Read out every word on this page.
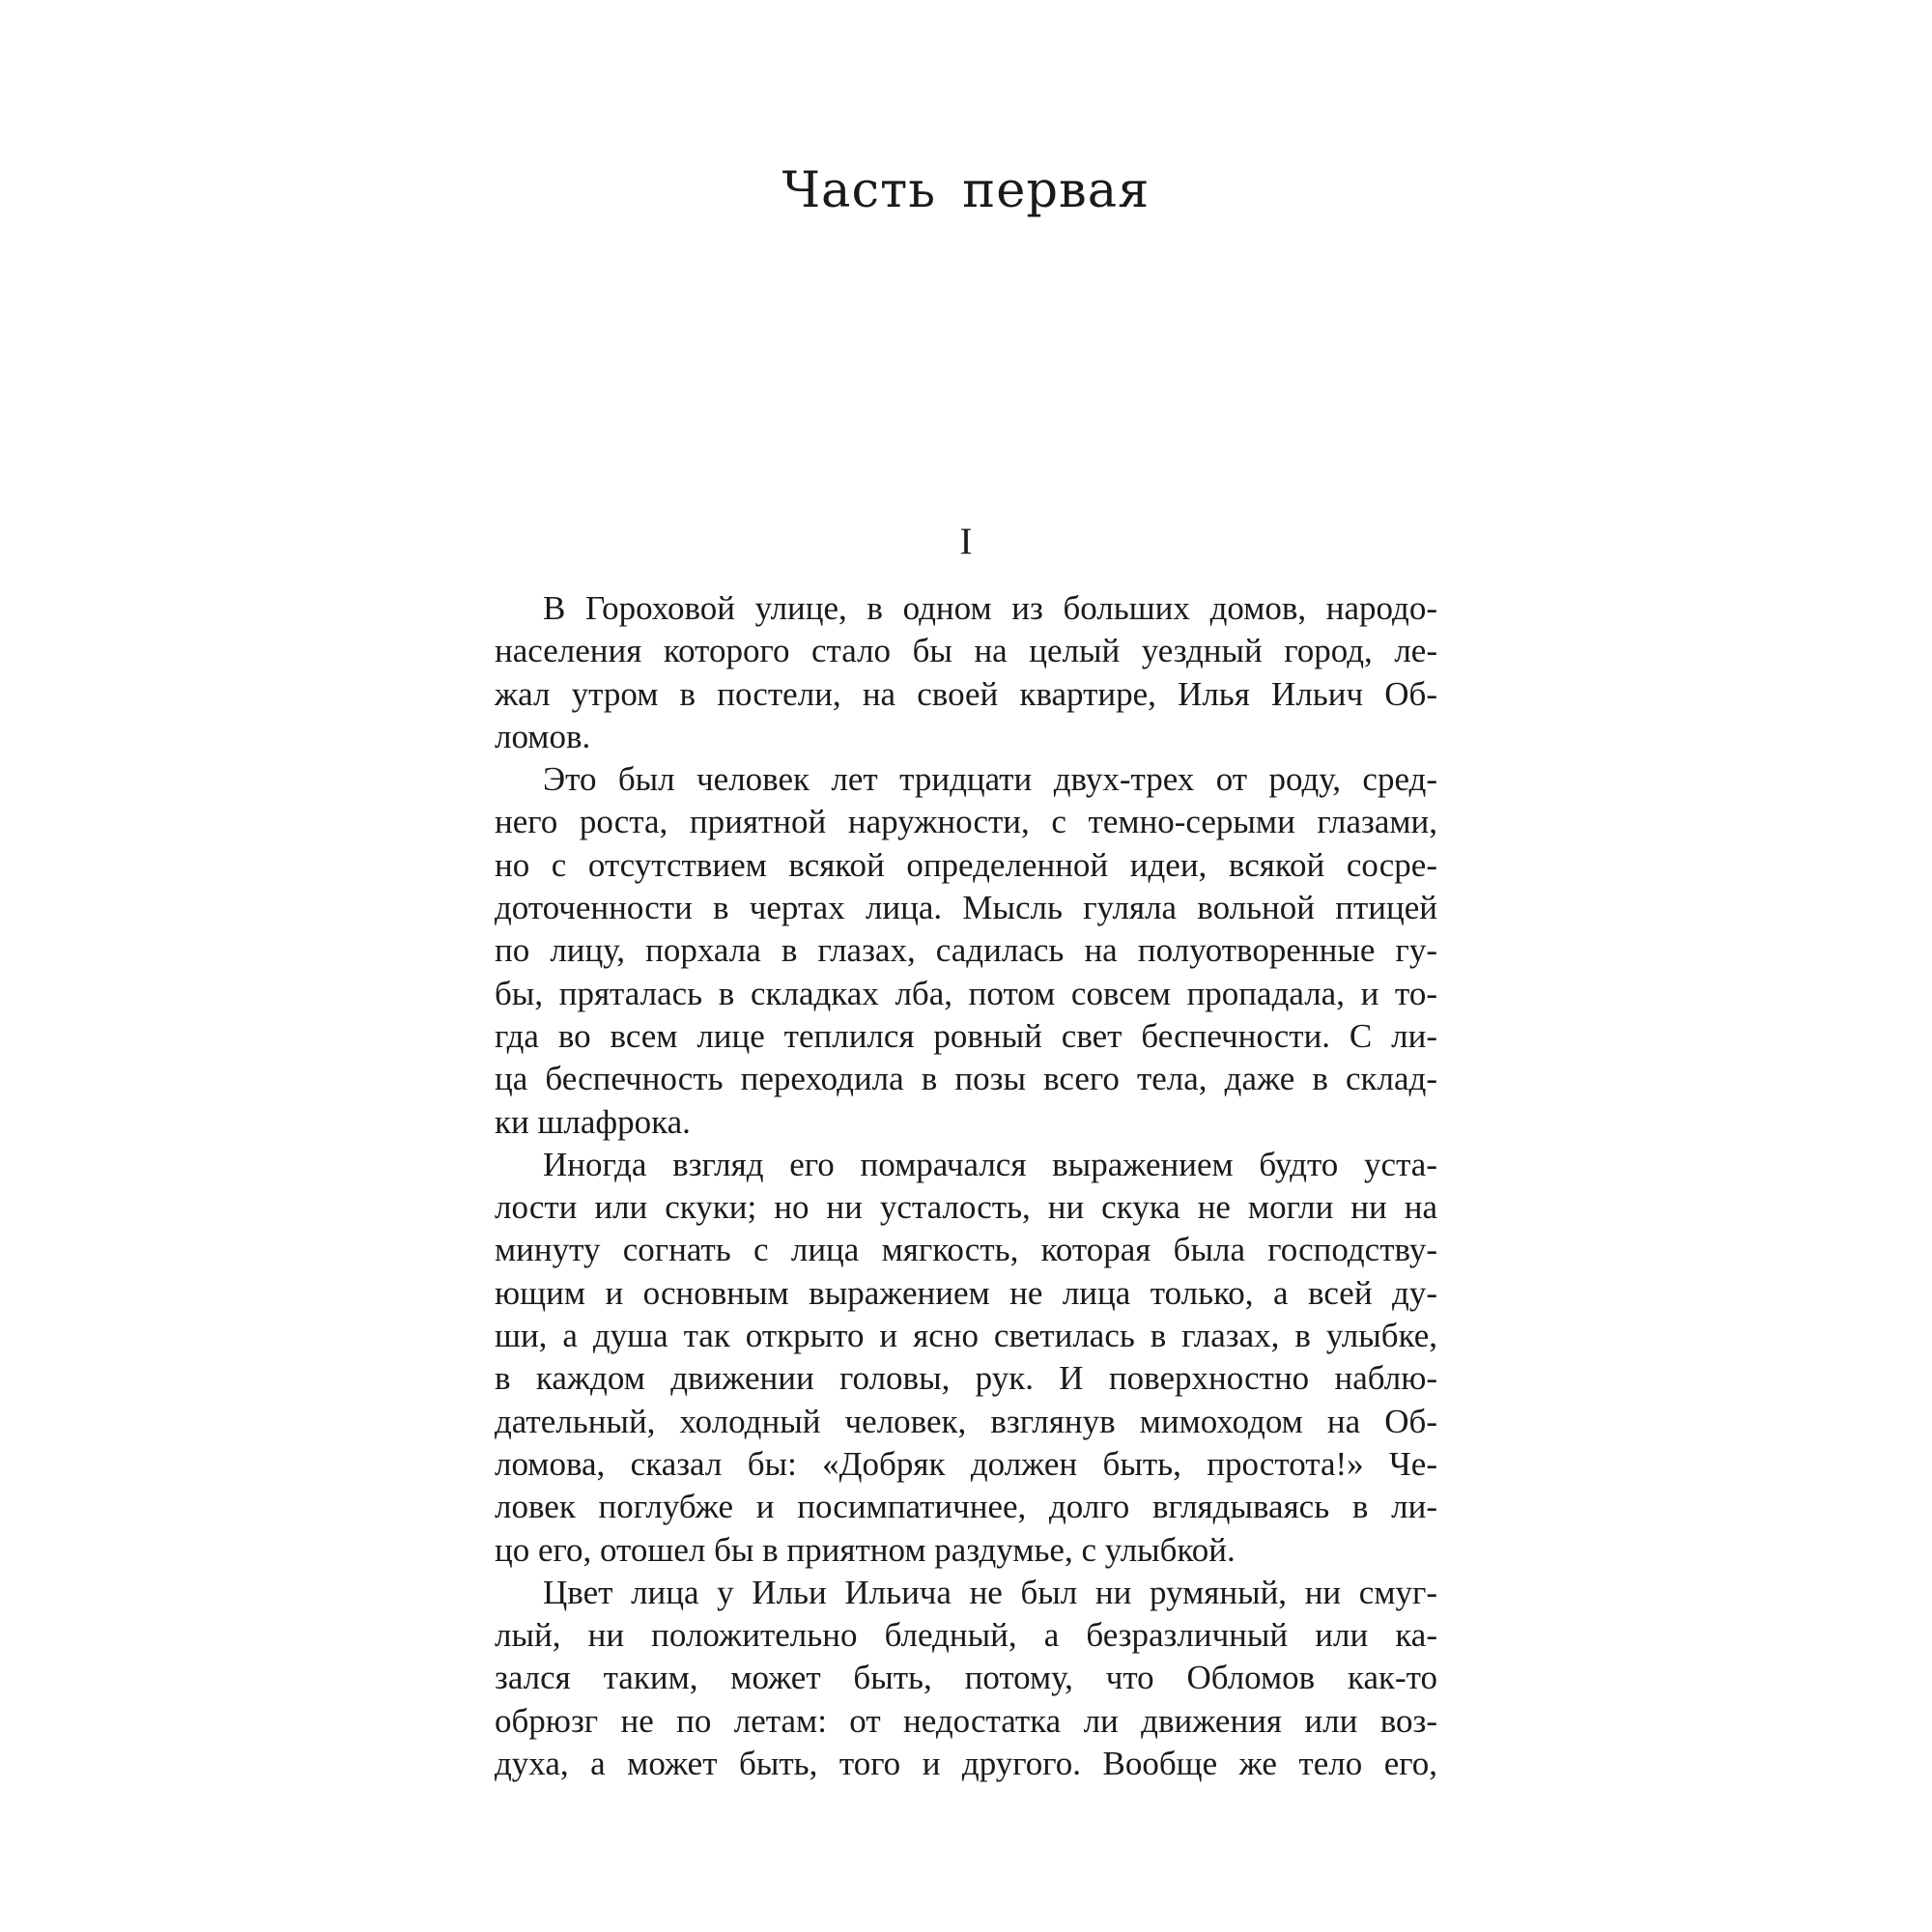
Часть первая
I
В Гороховой улице, в одном из больших домов, народо-
населения которого стало бы на целый уездный город, ле-
жал утром в постели, на своей квартире, Илья Ильич Об-
ломов.
Это был человек лет тридцати двух-трех от роду, сред-
него роста, приятной наружности, с темно-серыми глазами,
но с отсутствием всякой определенной идеи, всякой сосре-
доточенности в чертах лица. Мысль гуляла вольной птицей
по лицу, порхала в глазах, садилась на полуотворенные гу-
бы, пряталась в складках лба, потом совсем пропадала, и то-
гда во всем лице теплился ровный свет беспечности. С ли-
ца беспечность переходила в позы всего тела, даже в склад-
ки шлафрока.
Иногда взгляд его помрачался выражением будто уста-
лости или скуки; но ни усталость, ни скука не могли ни на
минуту согнать с лица мягкость, которая была господству-
ющим и основным выражением не лица только, а всей ду-
ши, а душа так открыто и ясно светилась в глазах, в улыбке,
в каждом движении головы, рук. И поверхностно наблю-
дательный, холодный человек, взглянув мимоходом на Об-
ломова, сказал бы: «Добряк должен быть, простота!» Че-
ловек поглубже и посимпатичнее, долго вглядываясь в ли-
цо его, отошел бы в приятном раздумье, с улыбкой.
Цвет лица у Ильи Ильича не был ни румяный, ни смуг-
лый, ни положительно бледный, а безразличный или ка-
зался таким, может быть, потому, что Обломов как-то
обрюзг не по летам: от недостатка ли движения или воз-
духа, а может быть, того и другого. Вообще же тело его,
